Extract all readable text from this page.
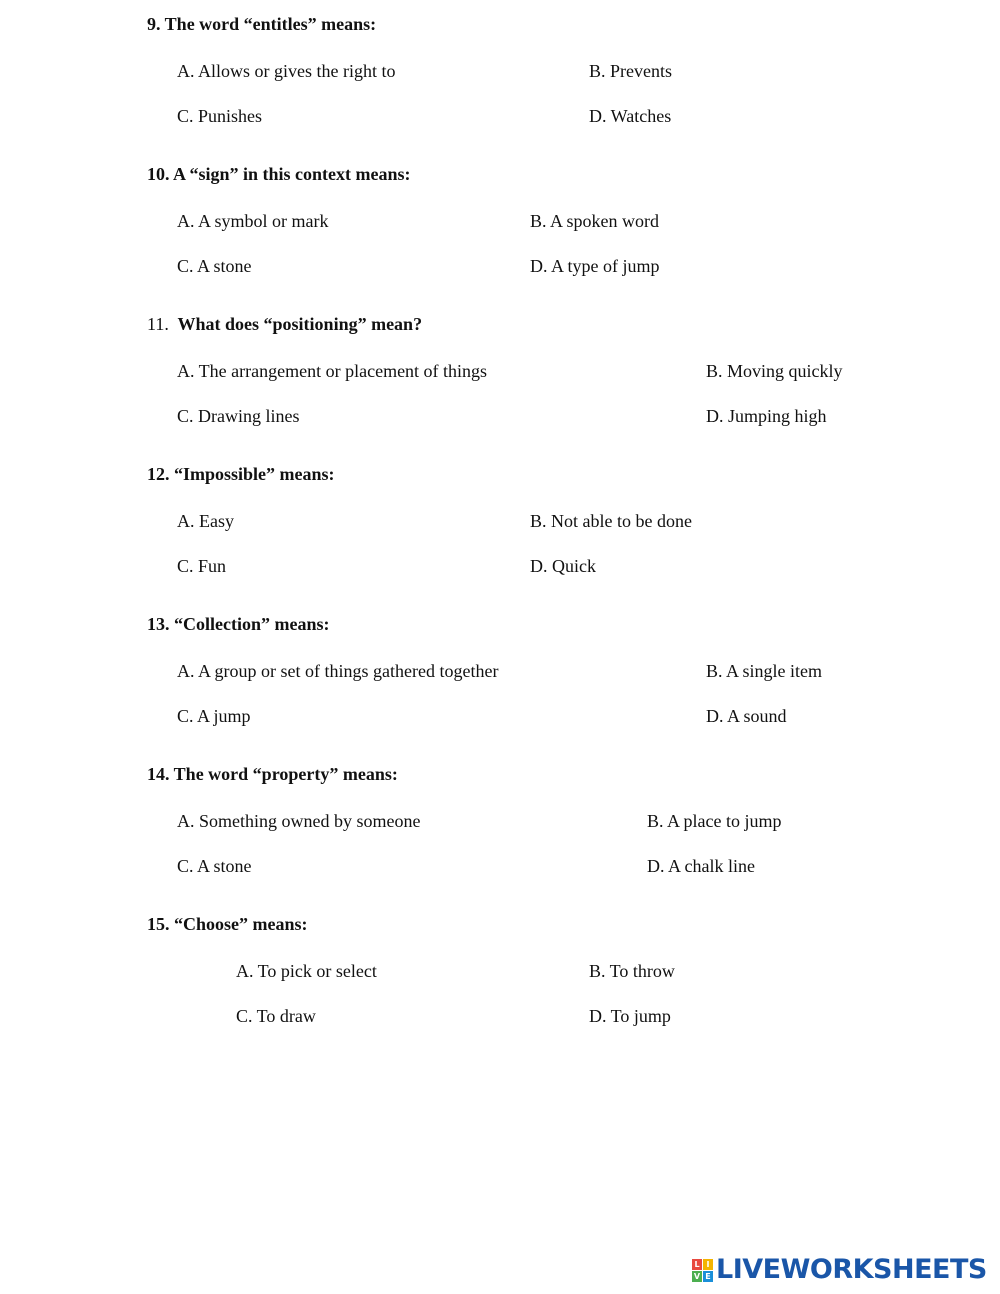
9. The word “entitles” means:
A. Allows or gives the right to	B. Prevents
C. Punishes	D. Watches
10. A “sign” in this context means:
A. A symbol or mark	B. A spoken word
C. A stone	D. A type of jump
11. What does “positioning” mean?
A. The arrangement or placement of things	B. Moving quickly
C. Drawing lines	D. Jumping high
12. “Impossible” means:
A. Easy	B. Not able to be done
C. Fun	D. Quick
13. “Collection” means:
A. A group or set of things gathered together	B. A single item
C. A jump	D. A sound
14. The word “property” means:
A. Something owned by someone	B. A place to jump
C. A stone	D. A chalk line
15. “Choose” means:
A. To pick or select	B. To throw
C. To draw	D. To jump
L I
V E LIVEWORKSHEETS
